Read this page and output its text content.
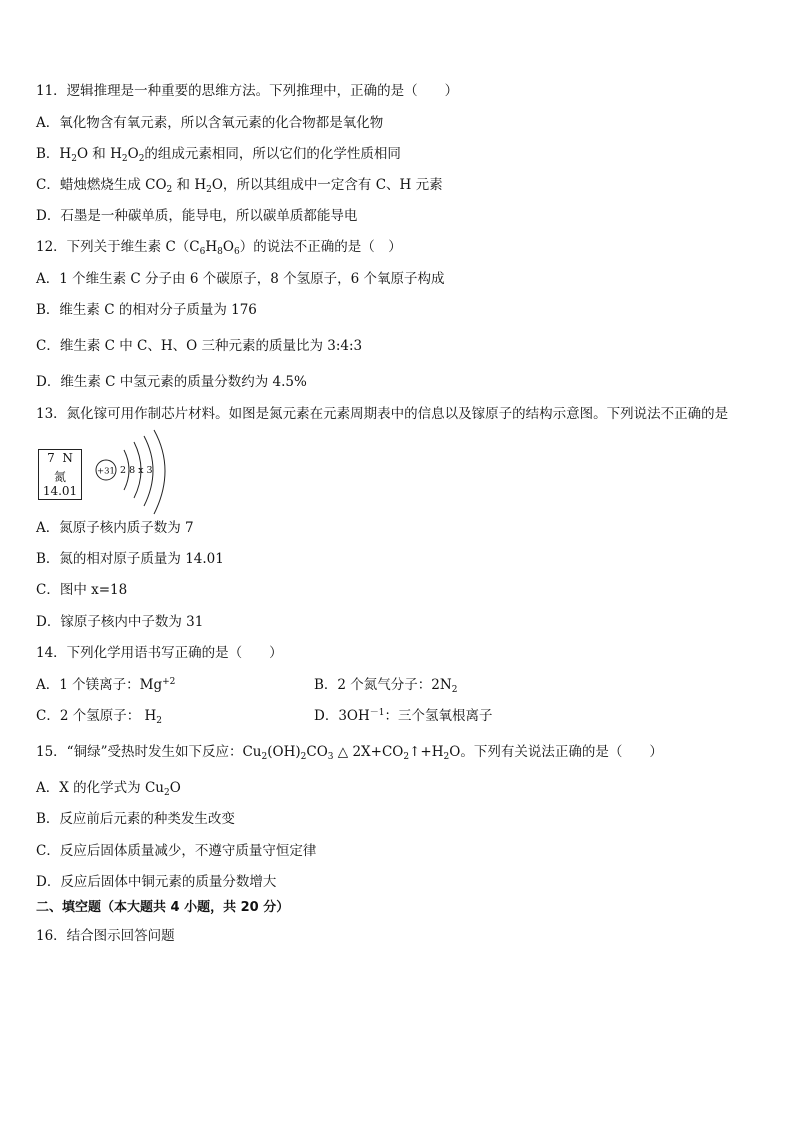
11．逻辑推理是一种重要的思维方法。下列推理中，正确的是（　　）
A．氧化物含有氧元素，所以含氧元素的化合物都是氧化物
B．$H_2O$ 和 $H_2O_2$的组成元素相同，所以它们的化学性质相同
C．蜡烛燃烧生成 $CO_2$ 和 $H_2O$，所以其组成中一定含有 C、H 元素
D．石墨是一种碳单质，能导电，所以碳单质都能导电
12．下列关于维生素 $C(C_6H_8O_6)$的说法不正确的是（　）
A．1 个维生素 C 分子由 6 个碳原子，8 个氢原子，6 个氧原子构成
B．维生素 C 的相对分子质量为 176
C．维生素 C 中 C、H、O 三种元素的质量比为 3:4:3
D．维生素 C 中氢元素的质量分数约为 4.5%
13．氮化镓可用作制芯片材料。如图是氮元素在元素周期表中的信息以及镓原子的结构示意图。下列说法不正确的是
7 N
氮
14.01
+31 2 8 x 3
A．氮原子核内质子数为 7
B．氮的相对原子质量为 14.01
C．图中 x=18
D．镓原子核内中子数为 31
14．下列化学用语书写正确的是（　　）
A．1 个镁离子：$Mg^{+2}$	B．2 个氮气分子：$2N_2$
C．2 个氢原子： $H_2$	D．$3OH^{-1}$：三个氢氧根离子
15．“铜绿”受热时发生如下反应：$Cu_2(OH)_2CO_3$ △ $2X+CO_2↑+H_2O$。下列有关说法正确的是（　　）
A．X 的化学式为 $Cu_2O$
B．反应前后元素的种类发生改变
C．反应后固体质量减少，不遵守质量守恒定律
D．反应后固体中铜元素的质量分数增大
二、填空题（本大题共 4 小题，共 20 分）
16．结合图示回答问题
